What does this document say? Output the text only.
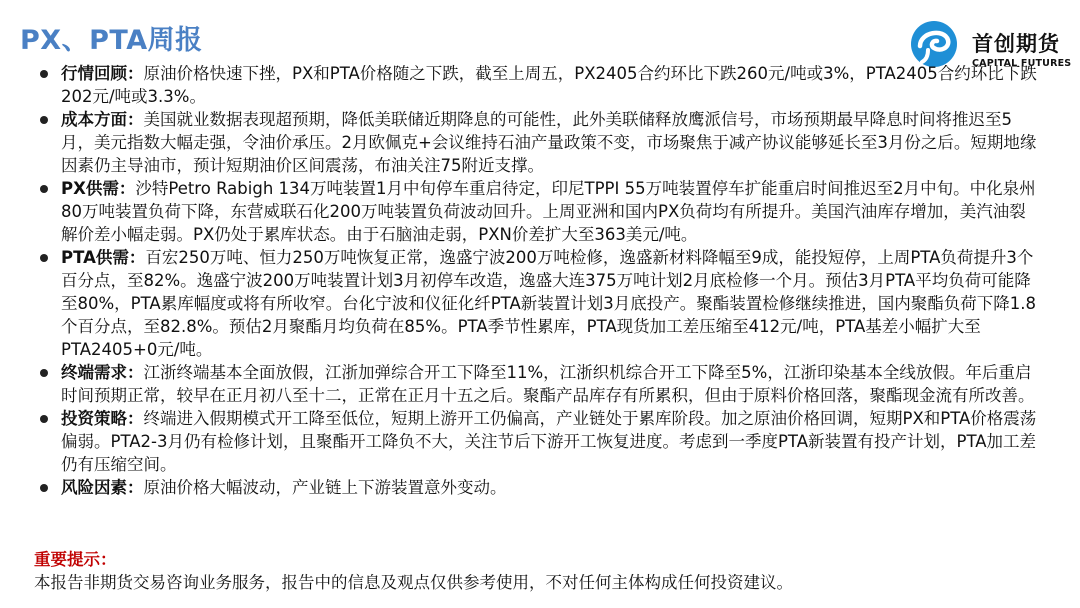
PX、PTA周报	首创期货
CAPITAL FUTURES
行情回顾：原油价格快速下挫，PX和PTA价格随之下跌，截至上周五，PX2405合约环比下跌260元/吨或3%，PTA2405合约环比下跌202元/吨或3.3%。
成本方面：美国就业数据表现超预期，降低美联储近期降息的可能性，此外美联储释放鹰派信号，市场预期最早降息时间将推迟至5月，美元指数大幅走强，令油价承压。2月欧佩克+会议维持石油产量政策不变，市场聚焦于减产协议能够延长至3月份之后。短期地缘因素仍主导油市，预计短期油价区间震荡，布油关注75附近支撑。
PX供需：沙特Petro Rabigh 134万吨装置1月中旬停车重启待定，印尼TPPI 55万吨装置停车扩能重启时间推迟至2月中旬。中化泉州80万吨装置负荷下降，东营威联石化200万吨装置负荷波动回升。上周亚洲和国内PX负荷均有所提升。美国汽油库存增加，美汽油裂解价差小幅走弱。PX仍处于累库状态。由于石脑油走弱，PXN价差扩大至363美元/吨。
PTA供需：百宏250万吨、恒力250万吨恢复正常，逸盛宁波200万吨检修，逸盛新材料降幅至9成，能投短停，上周PTA负荷提升3个百分点，至82%。逸盛宁波200万吨装置计划3月初停车改造，逸盛大连375万吨计划2月底检修一个月。预估3月PTA平均负荷可能降至80%，PTA累库幅度或将有所收窄。台化宁波和仪征化纤PTA新装置计划3月底投产。聚酯装置检修继续推进，国内聚酯负荷下降1.8个百分点，至82.8%。预估2月聚酯月均负荷在85%。PTA季节性累库，PTA现货加工差压缩至412元/吨，PTA基差小幅扩大至PTA2405+0元/吨。
终端需求：江浙终端基本全面放假，江浙加弹综合开工下降至11%，江浙织机综合开工下降至5%，江浙印染基本全线放假。年后重启时间预期正常，较早在正月初八至十二，正常在正月十五之后。聚酯产品库存有所累积，但由于原料价格回落，聚酯现金流有所改善。
投资策略：终端进入假期模式开工降至低位，短期上游开工仍偏高，产业链处于累库阶段。加之原油价格回调，短期PX和PTA价格震荡偏弱。PTA2-3月仍有检修计划，且聚酯开工降负不大，关注节后下游开工恢复进度。考虑到一季度PTA新装置有投产计划，PTA加工差仍有压缩空间。
风险因素：原油价格大幅波动，产业链上下游装置意外变动。
重要提示：
本报告非期货交易咨询业务服务，报告中的信息及观点仅供参考使用，不对任何主体构成任何投资建议。
